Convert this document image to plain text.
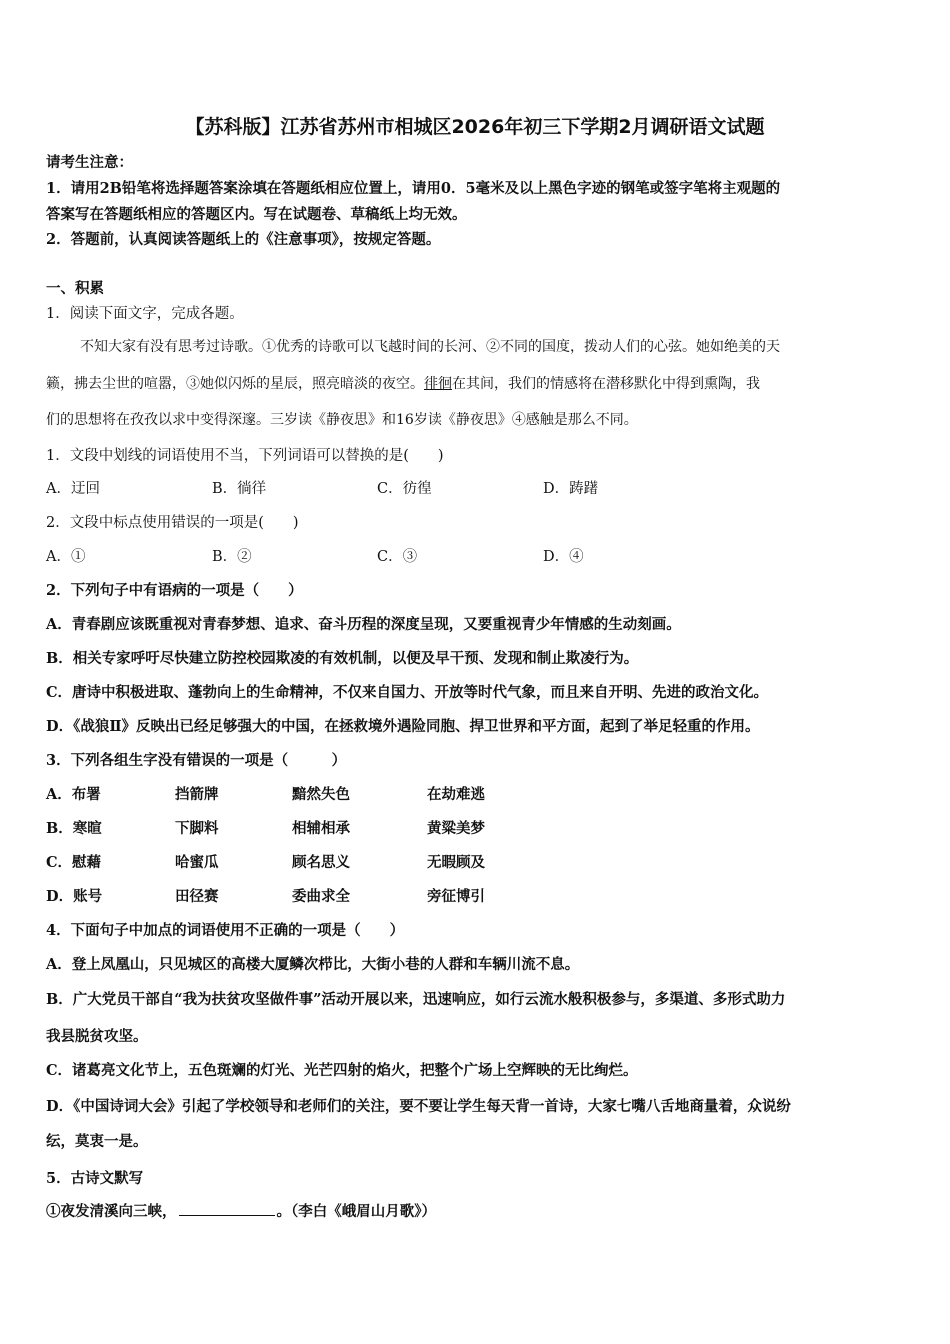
【苏科版】江苏省苏州市相城区2026年初三下学期2月调研语文试题
请考生注意：
1．请用2B铅笔将选择题答案涂填在答题纸相应位置上，请用0．5毫米及以上黑色字迹的钢笔或签字笔将主观题的
答案写在答题纸相应的答题区内。写在试题卷、草稿纸上均无效。
2．答题前，认真阅读答题纸上的《注意事项》，按规定答题。
一、积累
1．阅读下面文字，完成各题。
不知大家有没有思考过诗歌。①优秀的诗歌可以飞越时间的长河、②不同的国度，拨动人们的心弦。她如绝美的天
籁，拂去尘世的喧嚣，③她似闪烁的星辰，照亮暗淡的夜空。徘徊在其间，我们的情感将在潜移默化中得到熏陶，我
们的思想将在孜孜以求中变得深邃。三岁读《静夜思》和16岁读《静夜思》④感触是那么不同。
1．文段中划线的词语使用不当，下列词语可以替换的是(　　)
A．迂回	B．徜徉	C．彷徨	D．踌躇
2．文段中标点使用错误的一项是(　　)
A．①	B．②	C．③	D．④
2．下列句子中有语病的一项是（　　）
A．青春剧应该既重视对青春梦想、追求、奋斗历程的深度呈现，又要重视青少年情感的生动刻画。
B．相关专家呼吁尽快建立防控校园欺凌的有效机制，以便及早干预、发现和制止欺凌行为。
C．唐诗中积极进取、蓬勃向上的生命精神，不仅来自国力、开放等时代气象，而且来自开明、先进的政治文化。
D．《战狼Ⅱ》反映出已经足够强大的中国，在拯救境外遇险同胞、捍卫世界和平方面，起到了举足轻重的作用。
3．下列各组生字没有错误的一项是（　　　）
A．布署	挡箭牌	黯然失色	在劫难逃
B．寒暄	下脚料	相辅相承	黄粱美梦
C．慰藉	哈蜜瓜	顾名思义	无暇顾及
D．账号	田径赛	委曲求全	旁征博引
4．下面句子中加点的词语使用不正确的一项是（　　）
A．登上凤凰山，只见城区的高楼大厦鳞次栉比，大街小巷的人群和车辆川流不息。
B．广大党员干部自“我为扶贫攻坚做件事”活动开展以来，迅速响应，如行云流水般积极参与，多渠道、多形式助力
我县脱贫攻坚。
C．诸葛亮文化节上，五色斑斓的灯光、光芒四射的焰火，把整个广场上空辉映的无比绚烂。
D．《中国诗词大会》引起了学校领导和老师们的关注，要不要让学生每天背一首诗，大家七嘴八舌地商量着，众说纷
纭，莫衷一是。
5．古诗文默写
①夜发清溪向三峡，	。（李白《峨眉山月歌》）
